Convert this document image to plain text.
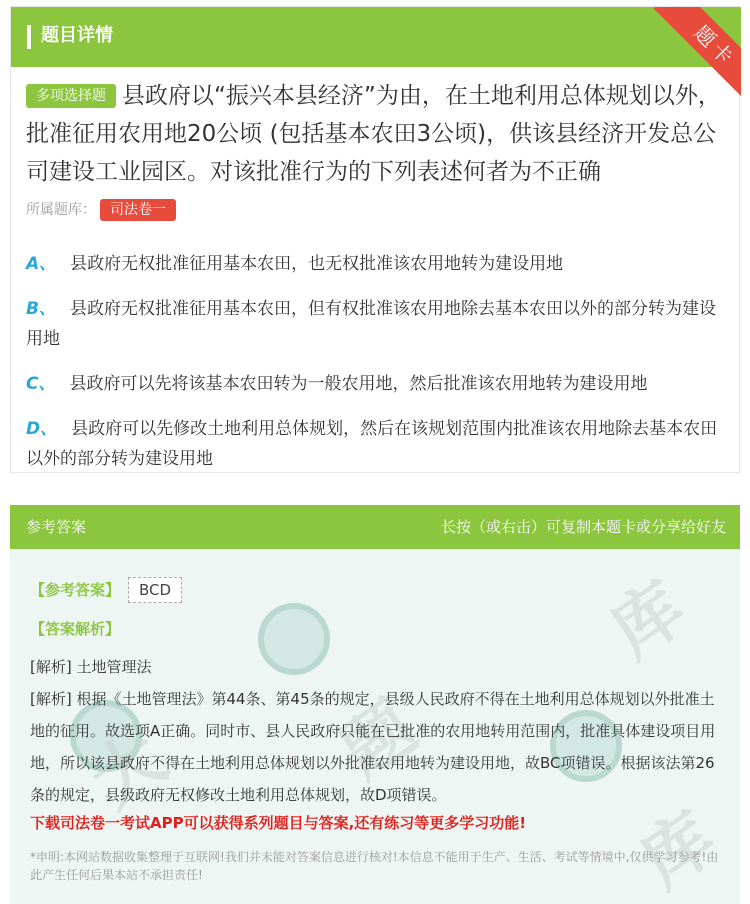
题目详情	题卡
多项选择题 县政府以“振兴本县经济”为由，在土地利用总体规划以外，批准征用农用地20公顷 (包括基本农田3公顷)，供该县经济开发总公司建设工业园区。对该批准行为的下列表述何者为不正确
所属题库： 司法卷一
A、 县政府无权批准征用基本农田，也无权批准该农用地转为建设用地
B、 县政府无权批准征用基本农田，但有权批准该农用地除去基本农田以外的部分转为建设用地
C、 县政府可以先将该基本农田转为一般农用地，然后批准该农用地转为建设用地
D、 县政府可以先修改土地利用总体规划，然后在该规划范围内批准该农用地除去基本农田以外的部分转为建设用地
大 题
库
库
参考答案	长按（或右击）可复制本题卡或分享给好友
【参考答案】 BCD
【答案解析】
[解析] 土地管理法
[解析] 根据《土地管理法》第44条、第45条的规定，县级人民政府不得在土地利用总体规划以外批准土地的征用。故选项A正确。同时市、县人民政府只能在已批准的农用地转用范围内，批准具体建设项目用地，所以该县政府不得在土地利用总体规划以外批准农用地转为建设用地，故BC项错误。根据该法第26条的规定，县级政府无权修改土地利用总体规划，故D项错误。
下载司法卷一考试APP可以获得系列题目与答案,还有练习等更多学习功能!
*申明:本网站数据收集整理于互联网!我们并未能对答案信息进行核对!本信息不能用于生产、生活、考试等情境中,仅供学习参考!由此产生任何后果本站不承担责任!
